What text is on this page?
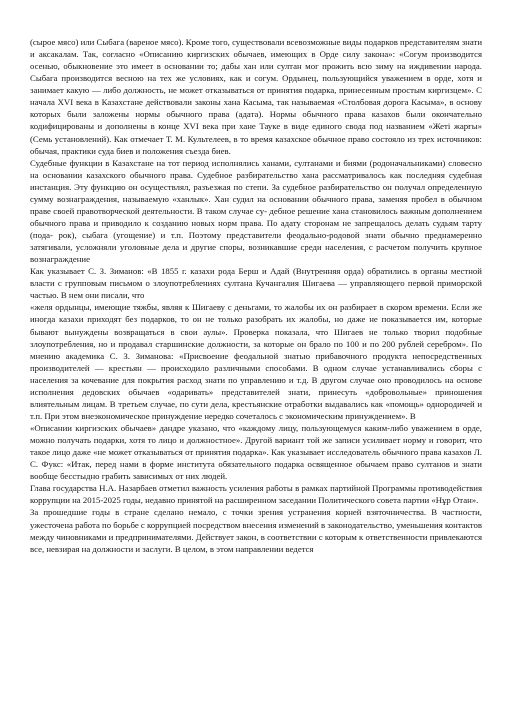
(сырое мясо) или Сыбага (вареное мясо). Кроме того, существовали всевозможные виды подарков представителям знати и аксакалам. Так, согласно «Описанию киргизских обычаев, имеющих в Орде силу закона»: «Согум производится осенью, обыкновение это имеет в основании то; дабы хан или султан мог прожить всю зиму на иждивении народа. Сыбага производится весною на тех же условиях, как и согум. Ордынец, пользующийся уважением в орде, хотя и занимает какую — либо должность, не может отказываться от принятия подарка, принесенным простым киргизцем». С начала XVI века в Казахстане действовали законы хана Касыма, так называемая «Столбовая дорога Касыма», в основу которых были заложены нормы обычного права (адата). Нормы обычного права казахов были окончательно кодифицированы и дополнены в конце XVI века при хане Тауке в виде единого свода под названием «Жеті жарғы» (Семь установлений). Как отмечает Т. М. Культелеев, в то время казахское обычное право состояло из трех источников: обычая, практики суда биев и положения съезда биев.

Судебные функции в Казахстане на тот период исполнялись ханами, султанами и биями (родоначальниками) словесно на основании казахского обычного права. Судебное разбирательство хана рассматривалось как последняя судебная инстанция. Эту функцию он осуществлял, разъезжая по степи. За судебное разбирательство он получал определенную сумму вознаграждения, называемую «ханлык». Хан судил на основании обычного права, заменяя пробел в обычном праве своей правотворческой деятельности. В таком случае су- дебное решение хана становилось важным дополнением обычного права и приводило к созданию новых норм права. По адату сторонам не запрещалось делать судьям тарту (пода- рок), сыбага (угощение) и т.п. Поэтому представители феодально-родовой знати обычно преднамеренно затягивали, усложняли уголовные дела и другие споры, возникавшие среди населения, с расчетом получить крупное вознаграждение

Как указывает С. З. Зиманов: «В 1855 г. казахи рода Берш и Адай (Внутренняя орда) обратились в органы местной власти с групповым письмом о злоупотреблениях султана Кучангалия Шигаева — управляющего первой приморской частью. В нем они писали, что

«желя ордынцы, имеющие тяжбы, являя к Шигаеву с деньгами, то жалобы их он разбирает в скором времени. Если же иногда казахи приходят без подарков, то он не только разобрать их жалобы, но даже не показывается им, которые бывают вынуждены возвращаться в свои аулы». Проверка показала, что Шигаев не только творил подобные злоупотребления, но и продавал старшинские должности, за которые он брало по 100 и по 200 рублей серебром». По мнению академика С. З. Зиманова: «Присвоение феодальной знатью прибавочного продукта непосредственных производителей — крестьян — происходило различными способами. В одном случае устанавливались сборы с населения за кочевание для покрытия расход знати по управлению и т.д. В другом случае оно проводилось на основе исполнения дедовских обычаев «одаривать» представителей знати, принесуть «добровольные» приношения влиятельным лицам. В третьем случае, по сути дела, крестьянские отработки выдавались как «помощь» однородичей и т.п. При этом внеэкономическое принуждение нередко сочеталось с экономическим принуждением». В

«Описании киргизских обычаев» дандре указано, что «каждому лицу, пользующемуся каким-либо уважением в орде, можно получать подарки, хотя то лицо и должностное». Другой вариант той же записи усиливает норму и говорит, что такое лицо даже «не может отказываться от принятия подарка». Как указывает исследователь обычного права казахов Л. С. Фукс: «Итак, перед нами в форме института обязательного подарка освященное обычаем право султанов и знати вообще бесстыдно грабить зависимых от них людей.

Глава государства Н.А. Назарбаев отметил важность усиления работы в рамках партийной Программы противодействия коррупции на 2015-2025 годы, недавно принятой на расширенном заседании Политического совета партии «Нұр Отан».

За прошедшие годы в стране сделано немало, с точки зрения устранения корней взяточничества. В частности, ужесточена работа по борьбе с коррупцией посредством внесения изменений в законодательство, уменьшения контактов между чиновниками и предпринимателями. Действует закон, в соответствии с которым к ответственности привлекаются все, невзирая на должности и заслуги. В целом, в этом направлении ведется
